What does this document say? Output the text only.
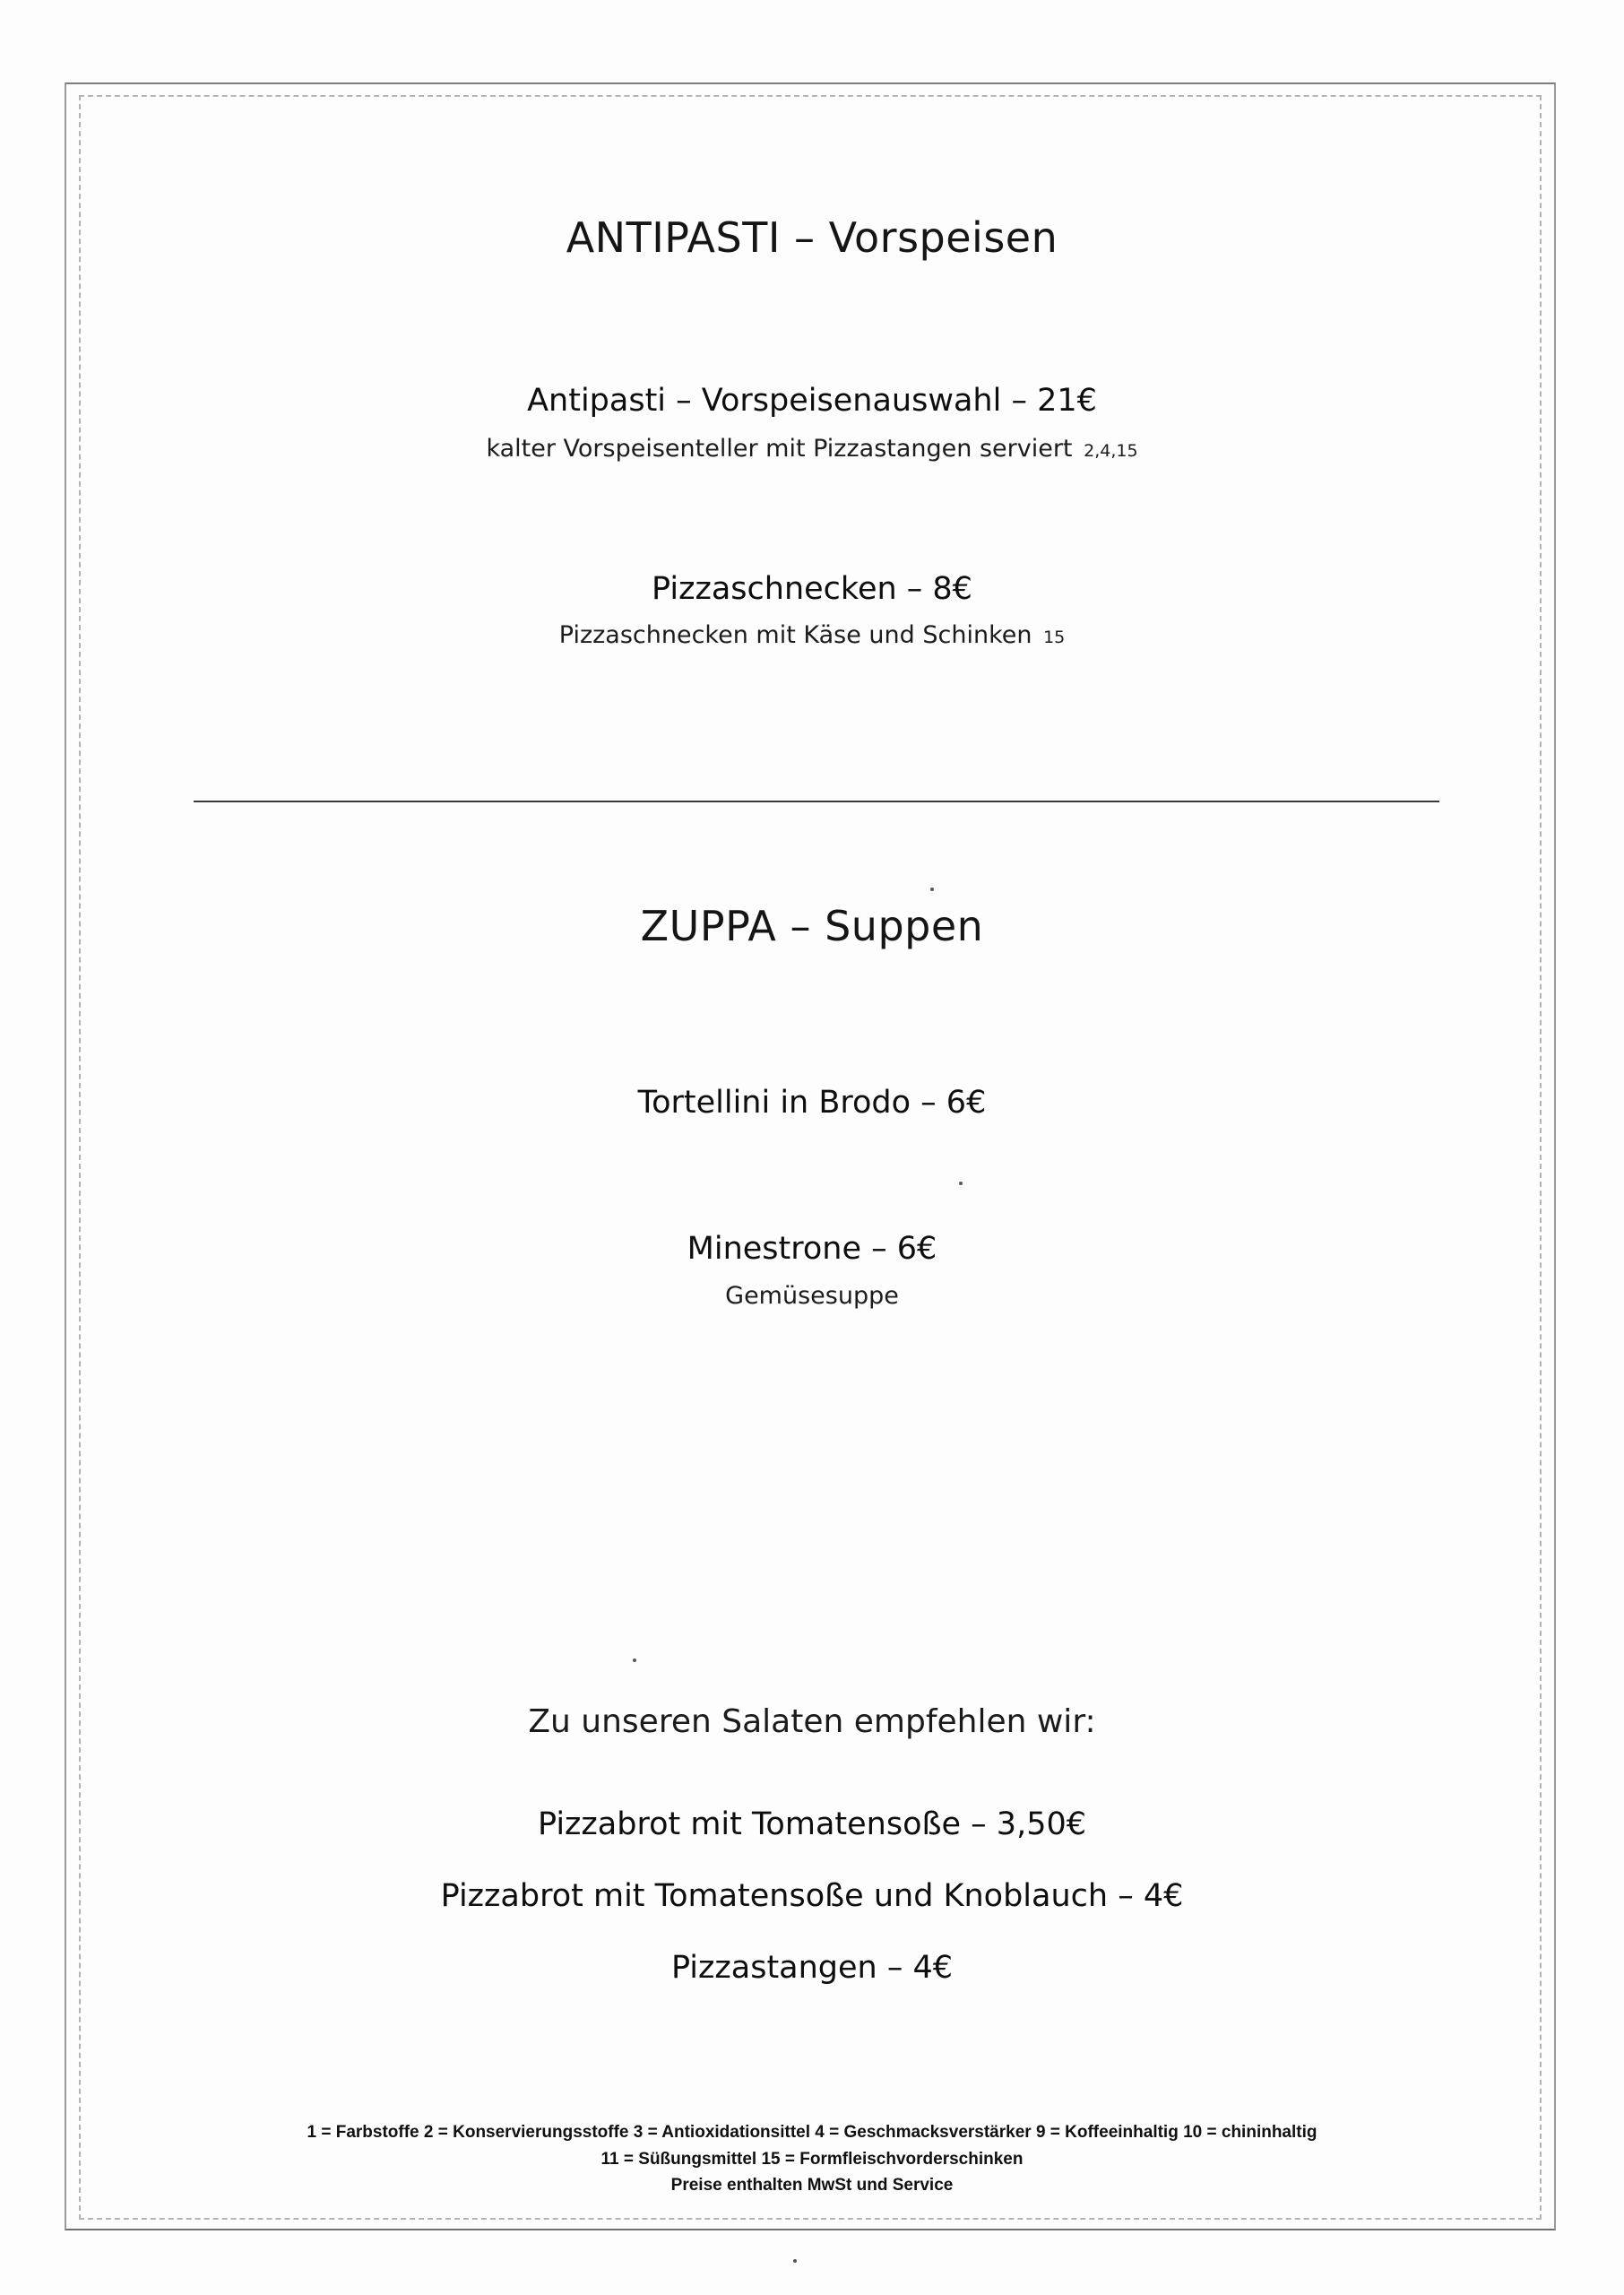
ANTIPASTI – Vorspeisen
Antipasti – Vorspeisenauswahl – 21€
kalter Vorspeisenteller mit Pizzastangen serviert 2,4,15
Pizzaschnecken – 8€
Pizzaschnecken mit Käse und Schinken 15
ZUPPA – Suppen
Tortellini in Brodo – 6€
Minestrone – 6€
Gemüsesuppe
Zu unseren Salaten empfehlen wir:
Pizzabrot mit Tomatensoße – 3,50€
Pizzabrot mit Tomatensoße und Knoblauch – 4€
Pizzastangen – 4€
1 = Farbstoffe 2 = Konservierungsstoffe 3 = Antioxidationsittel 4 = Geschmacksverstärker 9 = Koffeeinhaltig 10 = chininhaltig
11 = Süßungsmittel 15 = Formfleischvorderschinken
Preise enthalten MwSt und Service
